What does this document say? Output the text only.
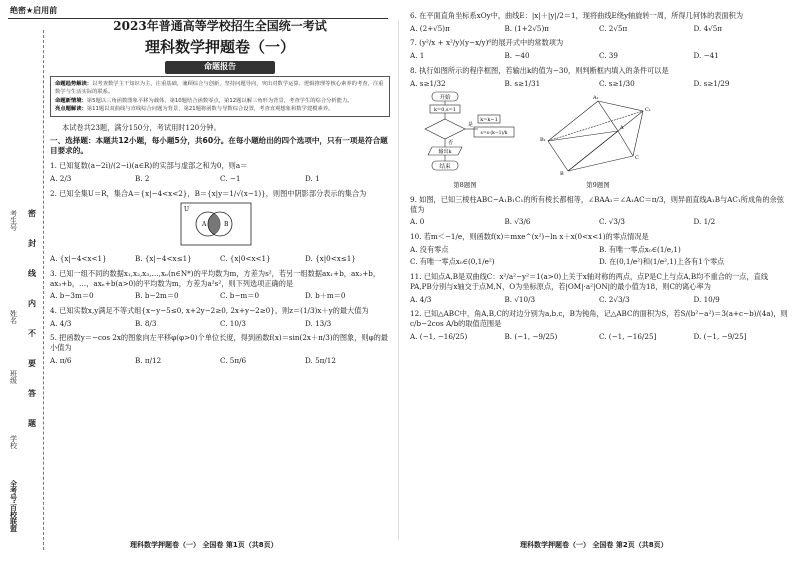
绝密★启用前
考生号
姓名
班级
学校
全考号·百校联盟
密
封
线
内
不
要
答
题
2023年普通高等学校招生全国统一考试
理科数学押题卷（一）
命题报告
命题趋势解读：以考查数学主干知识为主，注重基础，兼顾综合与创新，坚持问题导向，突出对数学运算、逻辑推理等核心素养的考查，注重数学与生活实际的联系。
命题新情境：第5题以三角函数图象平移为载体，第10题结合函数零点，第12题以解三角形为背景，考查学生的综合分析能力。
亮点题解读：第11题以双曲线与直线综合问题为背景，第21题将函数与导数综合设置，考查直观想象和数学建模素养。
本试卷共23题，满分150分，考试用时120分钟。
一、选择题：本题共12小题，每小题5分，共60分。在每小题给出的四个选项中，只有一项是符合题目要求的。
1. 已知复数(a−2i)/(2−i)(a∈R)的实部与虚部之和为0，则a＝
A. 2/3	B. 2	C. −1	D. 1
2. 已知全集U＝R，集合A＝{x|−4<x<2}，B＝{x|y＝1/√(x−1)}，则图中阴影部分表示的集合为
U
A	B
A. {x|−4<x<1}	B. {x|−4<x≤1}	C. {x|0<x<1}	D. {x|0<x≤1}
3. 已知一组不同的数据x₁,x₂,x₃,…,xₙ(n∈N*)的平均数为m，方差为s²，若另一组数据ax₁+b，ax₂+b，ax₃+b，…，axₙ+b(a>0)的平均数为m，方差为a²s²，则下列选项正确的是
A. b−3m＝0	B. b−2m＝0	C. b−m＝0	D. b＋m＝0
4. 已知实数x,y满足不等式组{x−y−5≤0, x+2y−2≥0, 2x+y−2≥0}，则z＝(1/3)x＋y的最大值为
A. 4/3	B. 8/3	C. 10/3	D. 13/3
5. 把函数y＝−cos 2x的图象向左平移φ(φ>0)个单位长度，得到函数f(x)＝sin(2x＋π/3)的图象，则φ的最小值为
A. π/6	B. π/12	C. 5π/6	D. 5π/12
6. 在平面直角坐标系xOy中，曲线E：|x|＋|y|/2＝1，现将曲线E绕y轴旋转一周，所得几何体的表面积为
A. (2+√5)π	B. (1+2√5)π	C. 2√5π	D. 4√5π
7. (y²/x + x²/y)(y−x/y)⁶的展开式中的常数项为
A. 1	B. −40	C. 39	D. −41
8. 执行如图所示的程序框图，若输出k的值为−30，则判断框内填入的条件可以是
A. s≥1/32	B. s≥1/31	C. s≥1/30	D. s≥1/29
开始
k=0,s=1
是
否
k=k−1
s=s·(k−1)/k
输出k
结束
第8题图
A₁
B₁
C₁
A
B
C
第9题图
9. 如图，已知三棱柱ABC−A₁B₁C₁的所有棱长都相等，∠BAA₁＝∠A₁AC＝π/3，则异面直线A₁B与AC₁所成角的余弦值为
A. 0	B. √3/6	C. √3/3	D. 1/2
10. 若m＜−1/e，则函数f(x)＝mxe^(x²)−ln x＋x(0<x<1)的零点情况是
A. 没有零点	B. 有唯一零点x₀∈(1/e,1)
C. 有唯一零点x₀∈(0,1/e²)	D. 在(0,1/e²)和(1/e²,1)上各有1个零点
11. 已知点A,B是双曲线C：x²/a²−y²＝1(a>0)上关于x轴对称的两点，点P是C上与点A,B均不重合的一点，直线PA,PB分别与x轴交于点M,N，O为坐标原点，若|OM|·a²|ON|的最小值为18，则C的离心率为
A. 4/3	B. √10/3	C. 2√3/3	D. 10/9
12. 已知△ABC中，角A,B,C的对边分别为a,b,c，B为钝角，记△ABC的面积为S，若S/(b²−a²)＝3(a+c−b)/(4a)，则c/b−2cos A/b的取值范围是
A. (−1, −16/25)	B. (−1, −9/25)	C. (−1, −16/25]	D. (−1, −9/25]
理科数学押题卷（一） 全国卷 第1页（共8页）	理科数学押题卷（一） 全国卷 第2页（共8页）
